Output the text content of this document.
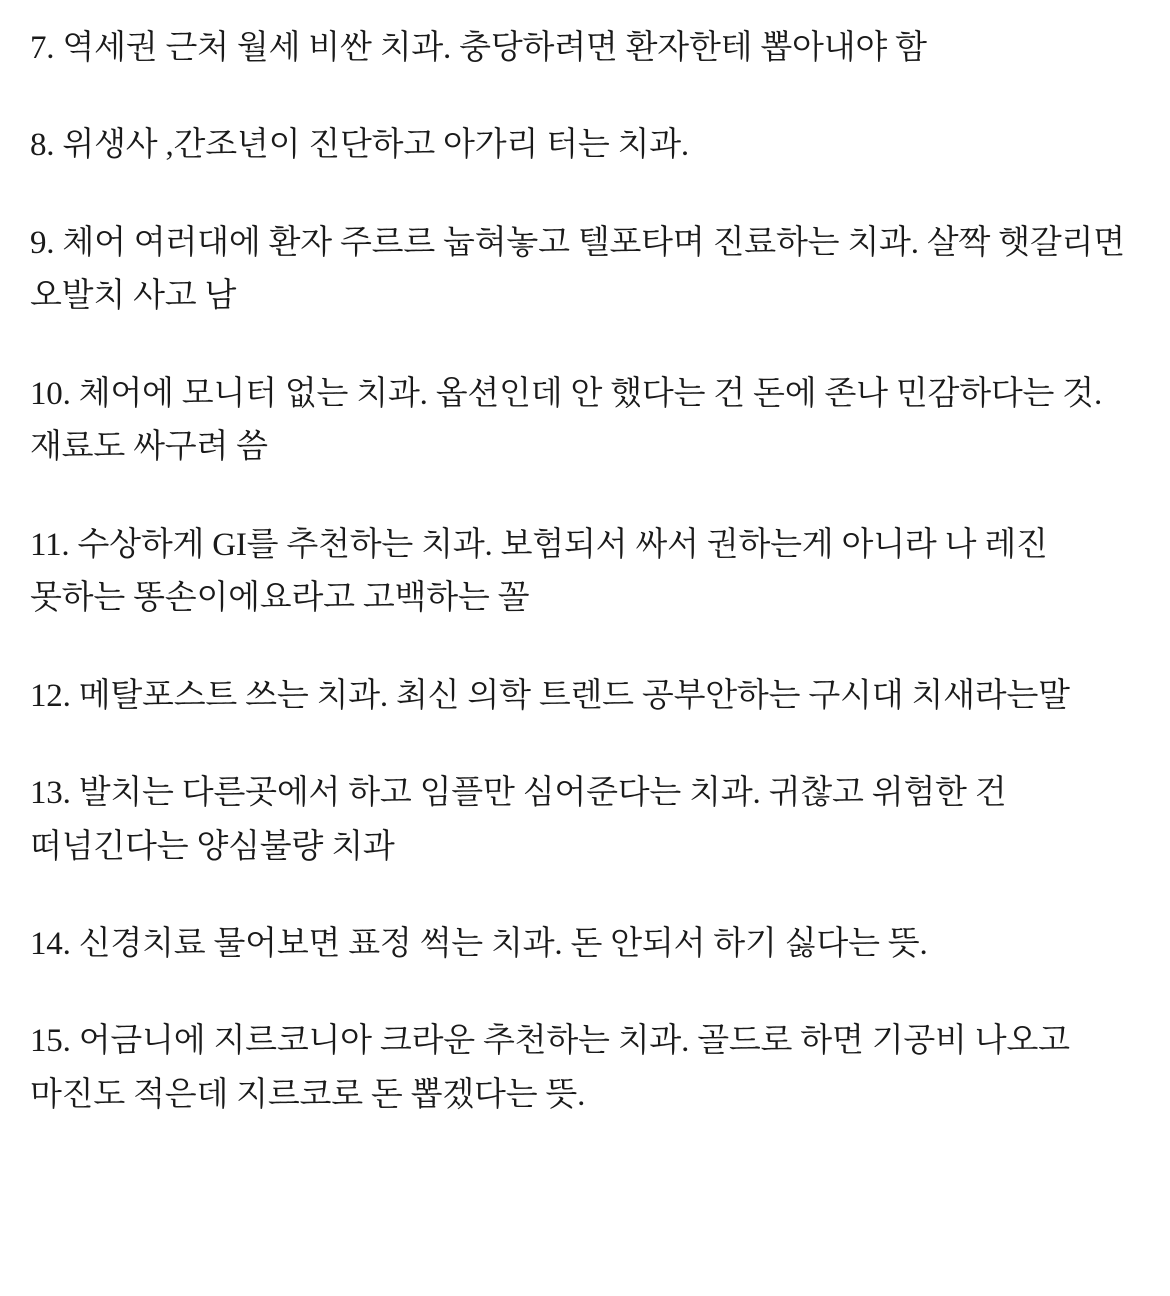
7. 역세권 근처 월세 비싼 치과. 충당하려면 환자한테 뽑아내야 함

8. 위생사 ,간조년이 진단하고 아가리 터는 치과.

9. 체어 여러대에 환자 주르르 눕혀놓고 텔포타며 진료하는 치과. 살짝 햇갈리면 오발치 사고 남

10. 체어에 모니터 없는 치과. 옵션인데 안 했다는 건 돈에 존나 민감하다는 것. 재료도 싸구려 씀

11. 수상하게 GI를 추천하는 치과. 보험되서 싸서 권하는게 아니라 나 레진 못하는 똥손이에요라고 고백하는 꼴

12. 메탈포스트 쓰는 치과. 최신 의학 트렌드 공부안하는 구시대 치새라는말

13. 발치는 다른곳에서 하고 임플만 심어준다는 치과. 귀찮고 위험한 건 떠넘긴다는 양심불량 치과

14. 신경치료 물어보면 표정 썩는 치과. 돈 안되서 하기 싫다는 뜻.

15. 어금니에 지르코니아 크라운 추천하는 치과. 골드로 하면 기공비 나오고 마진도 적은데 지르코로 돈 뽑겠다는 뜻.
